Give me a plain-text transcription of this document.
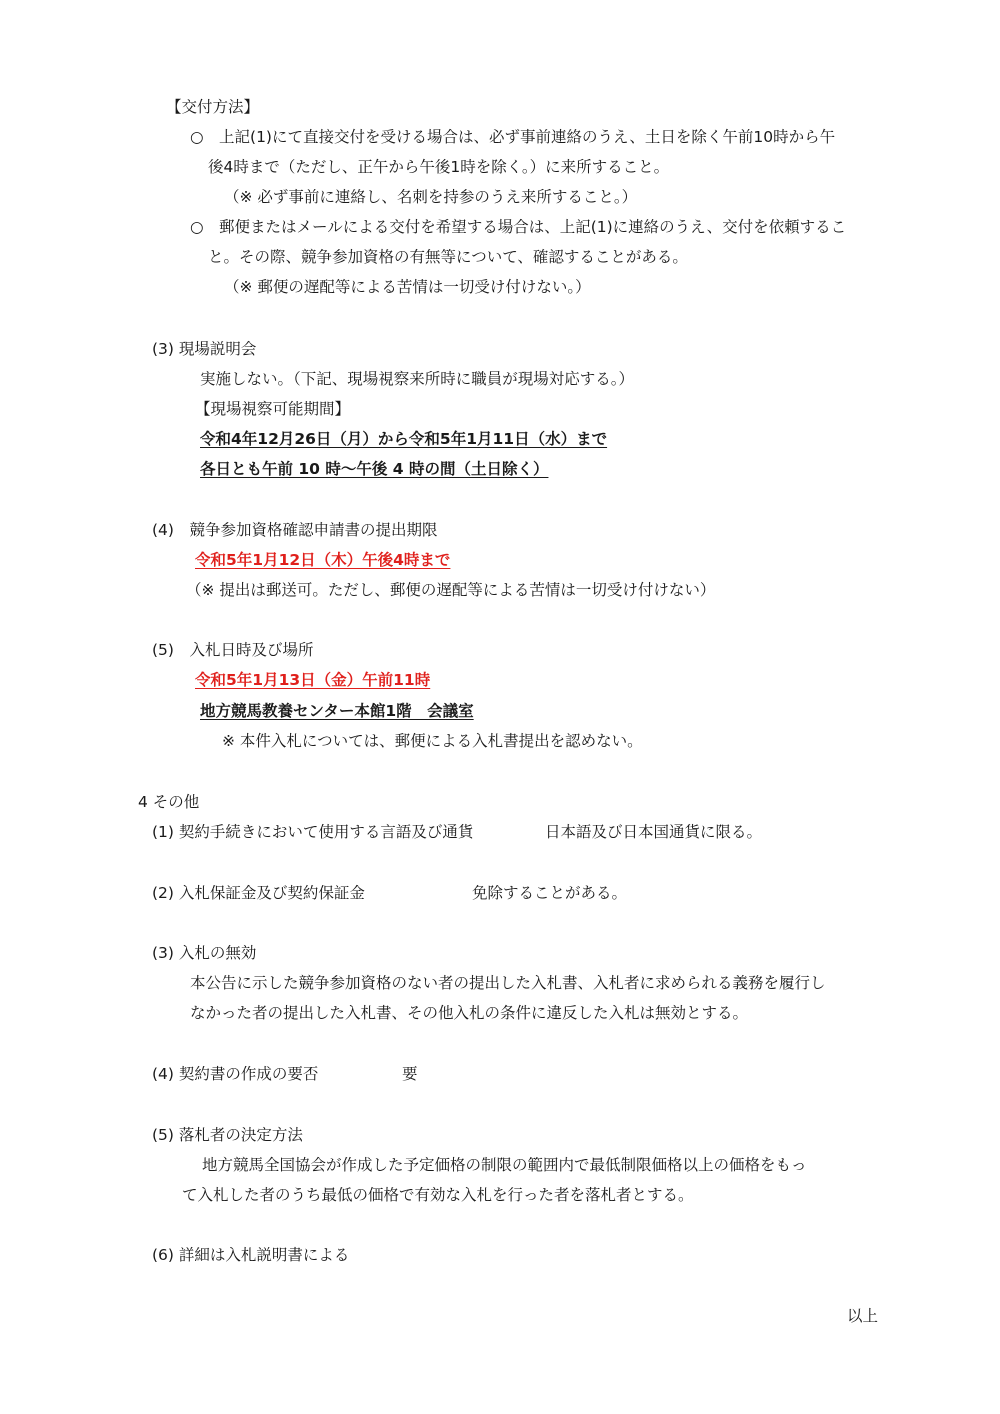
【交付方法】
○　上記(1)にて直接交付を受ける場合は、必ず事前連絡のうえ、土日を除く午前10時から午
後4時まで（ただし、正午から午後1時を除く。）に来所すること。
（※ 必ず事前に連絡し、名刺を持参のうえ来所すること。）
○　郵便またはメールによる交付を希望する場合は、上記(1)に連絡のうえ、交付を依頼するこ
と。その際、競争参加資格の有無等について、確認することがある。
（※ 郵便の遅配等による苦情は一切受け付けない。）
(3) 現場説明会
実施しない。（下記、現場視察来所時に職員が現場対応する。）
【現場視察可能期間】
令和4年12月26日（月）から令和5年1月11日（水）まで
各日とも午前 10 時～午後 4 時の間（土日除く）
(4)　競争参加資格確認申請書の提出期限
令和5年1月12日（木）午後4時まで
（※ 提出は郵送可。ただし、郵便の遅配等による苦情は一切受け付けない）
(5)　入札日時及び場所
令和5年1月13日（金）午前11時
地方競馬教養センター本館1階　会議室
※ 本件入札については、郵便による入札書提出を認めない。
4 その他
(1) 契約手続きにおいて使用する言語及び通貨	日本語及び日本国通貨に限る。
(2) 入札保証金及び契約保証金	免除することがある。
(3) 入札の無効
本公告に示した競争参加資格のない者の提出した入札書、入札者に求められる義務を履行し
なかった者の提出した入札書、その他入札の条件に違反した入札は無効とする。
(4) 契約書の作成の要否	要
(5) 落札者の決定方法
地方競馬全国協会が作成した予定価格の制限の範囲内で最低制限価格以上の価格をもっ
て入札した者のうち最低の価格で有効な入札を行った者を落札者とする。
(6) 詳細は入札説明書による
以上
